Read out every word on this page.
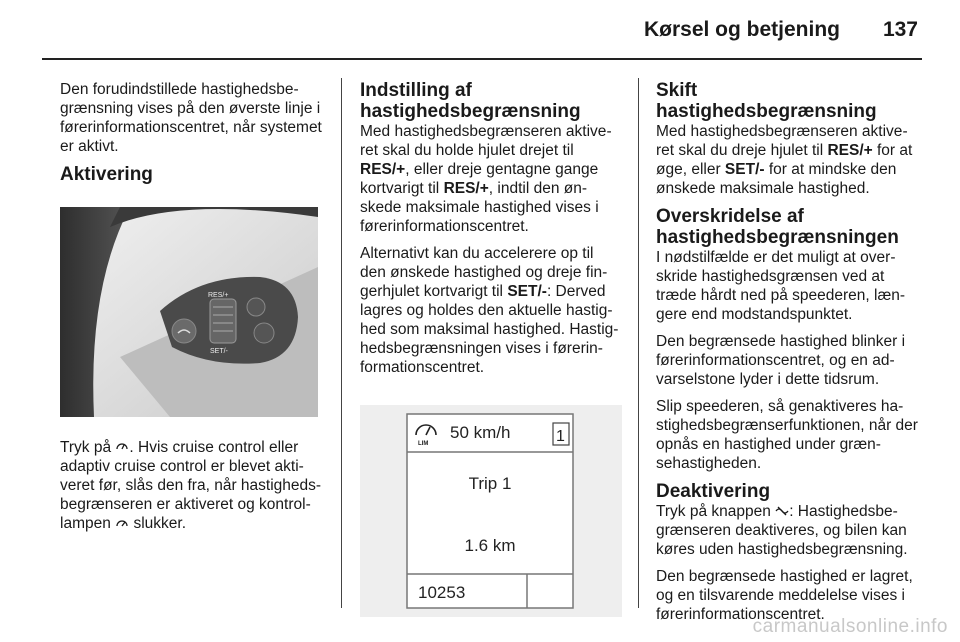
Kørsel og betjening 137
Den forudindstillede hastighedsbegrænsning vises på den øverste linje i førerinformationscentret, når systemet er aktivt.
Aktivering
RES/+
SET/-
Tryk på . Hvis cruise control eller adaptiv cruise control er blevet aktiveret før, slås den fra, når hastighedsbegrænseren er aktiveret og kontrollampen  slukker.
Indstilling af hastighedsbegrænsning
Med hastighedsbegrænseren aktiveret skal du holde hjulet drejet til RES/+, eller dreje gentagne gange kortvarigt til RES/+, indtil den ønskede maksimale hastighed vises i førerinformationscentret.
Alternativt kan du accelerere op til den ønskede hastighed og dreje fingerhjulet kortvarigt til SET/-: Derved lagres og holdes den aktuelle hastighed som maksimal hastighed. Hastighedsbegrænsningen vises i førerinformationscentret.
LIM
50 km/h	1
Trip 1
1.6 km
10253
Skift hastighedsbegrænsning
Med hastighedsbegrænseren aktiveret skal du dreje hjulet til RES/+ for at øge, eller SET/- for at mindske den ønskede maksimale hastighed.
Overskridelse af hastighedsbegrænsningen
I nødstilfælde er det muligt at overskride hastighedsgrænsen ved at træde hårdt ned på speederen, længere end modstandspunktet.
Den begrænsede hastighed blinker i førerinformationscentret, og en advarselstone lyder i dette tidsrum.
Slip speederen, så genaktiveres hastighedsbegrænserfunktionen, når der opnås en hastighed under grænsehastigheden.
Deaktivering
Tryk på knappen : Hastighedsbegrænseren deaktiveres, og bilen kan køres uden hastighedsbegrænsning.
Den begrænsede hastighed er lagret, og en tilsvarende meddelelse vises i førerinformationscentret.
carmanualsonline.info
